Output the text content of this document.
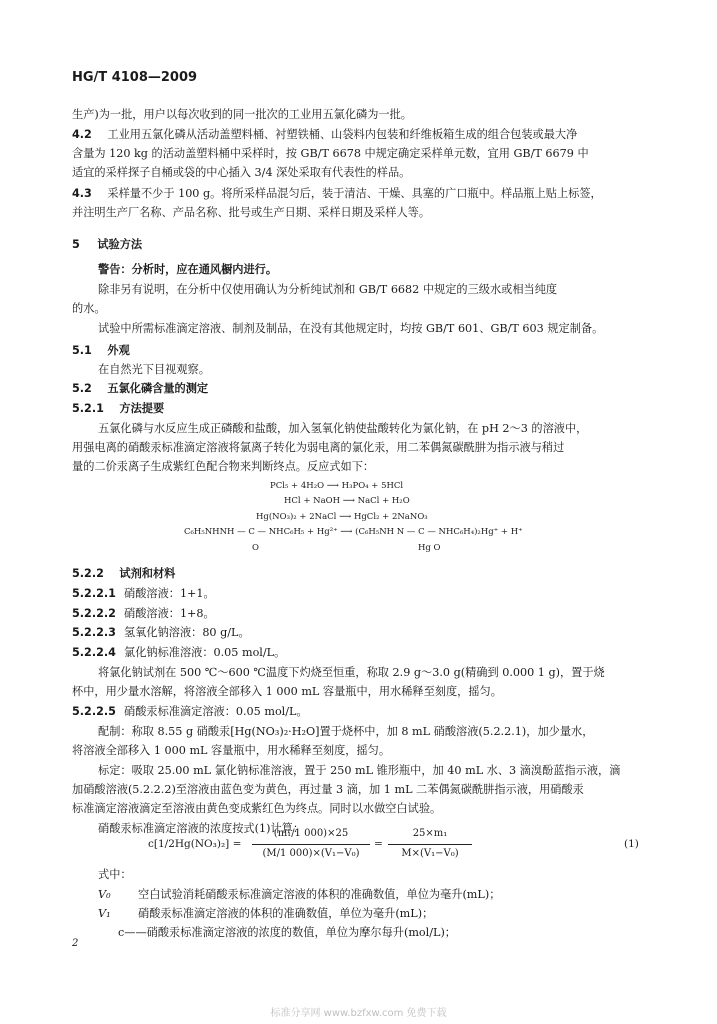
HG/T 4108—2009
生产)为一批，用户以每次收到的同一批次的工业用五氯化磷为一批。
4.2 工业用五氯化磷从活动盖塑料桶、衬塑铁桶、山袋料内包装和纤维板箱生成的组合包装或最大净
含量为 120 kg 的活动盖塑料桶中采样时，按 GB/T 6678 中规定确定采样单元数，宜用 GB/T 6679 中
适宜的采样探子自桶或袋的中心插入 3/4 深处采取有代表性的样品。
4.3 采样量不少于 100 g。将所采样品混匀后，装于清洁、干燥、具塞的广口瓶中。样品瓶上贴上标签，
并注明生产厂名称、产品名称、批号或生产日期、采样日期及采样人等。
5 试验方法
警告：分析时，应在通风橱内进行。
除非另有说明，在分析中仅使用确认为分析纯试剂和 GB/T 6682 中规定的三级水或相当纯度
的水。
试验中所需标准滴定溶液、制剂及制品，在没有其他规定时，均按 GB/T 601、GB/T 603 规定制备。
5.1 外观
在自然光下目视观察。
5.2 五氯化磷含量的测定
5.2.1 方法提要
五氯化磷与水反应生成正磷酸和盐酸，加入氢氧化钠使盐酸转化为氯化钠，在 pH 2～3 的溶液中，
用强电离的硝酸汞标准滴定溶液将氯离子转化为弱电离的氯化汞，用二苯偶氮碳酰肼为指示液与稍过
量的二价汞离子生成紫红色配合物来判断终点。反应式如下：
PCl₅ + 4H₂O ⟶ H₃PO₄ + 5HCl
HCl + NaOH ⟶ NaCl + H₂O
Hg(NO₃)₂ + 2NaCl ⟶ HgCl₂ + 2NaNO₃
C₆H₅NHNH — C — NHC₆H₅ + Hg²⁺ ⟶ (C₆H₅NH N — C — NHC₆H₄)₂Hg⁺ + H⁺
O	Hg O
5.2.2 试剂和材料
5.2.2.1 硝酸溶液：1+1。
5.2.2.2 硝酸溶液：1+8。
5.2.2.3 氢氧化钠溶液：80 g/L。
5.2.2.4 氯化钠标准溶液：0.05 mol/L。
将氯化钠试剂在 500 ℃～600 ℃温度下灼烧至恒重，称取 2.9 g～3.0 g(精确到 0.000 1 g)，置于烧
杯中，用少量水溶解，将溶液全部移入 1 000 mL 容量瓶中，用水稀释至刻度，摇匀。
5.2.2.5 硝酸汞标准滴定溶液：0.05 mol/L。
配制：称取 8.55 g 硝酸汞[Hg(NO₃)₂·H₂O]置于烧杯中，加 8 mL 硝酸溶液(5.2.2.1)，加少量水，
将溶液全部移入 1 000 mL 容量瓶中，用水稀释至刻度，摇匀。
标定：吸取 25.00 mL 氯化钠标准溶液，置于 250 mL 锥形瓶中，加 40 mL 水、3 滴溴酚蓝指示液，滴
加硝酸溶液(5.2.2.2)至溶液由蓝色变为黄色，再过量 3 滴，加 1 mL 二苯偶氮碳酰肼指示液，用硝酸汞
标准滴定溶液滴定至溶液由黄色变成紫红色为终点。同时以水做空白试验。
硝酸汞标准滴定溶液的浓度按式(1)计算：
c[1/2Hg(NO₃)₂] =
(m₁/1 000)×25
(M/1 000)×(V₁−V₀)
=
25×m₁
M×(V₁−V₀)
(1)
式中：
V₀ 空白试验消耗硝酸汞标准滴定溶液的体积的准确数值，单位为毫升(mL)；
V₁ 硝酸汞标准滴定溶液的体积的准确数值，单位为毫升(mL)；
c——硝酸汞标准滴定溶液的浓度的数值，单位为摩尔每升(mol/L)；
2
标准分享网 www.bzfxw.com 免费下载
